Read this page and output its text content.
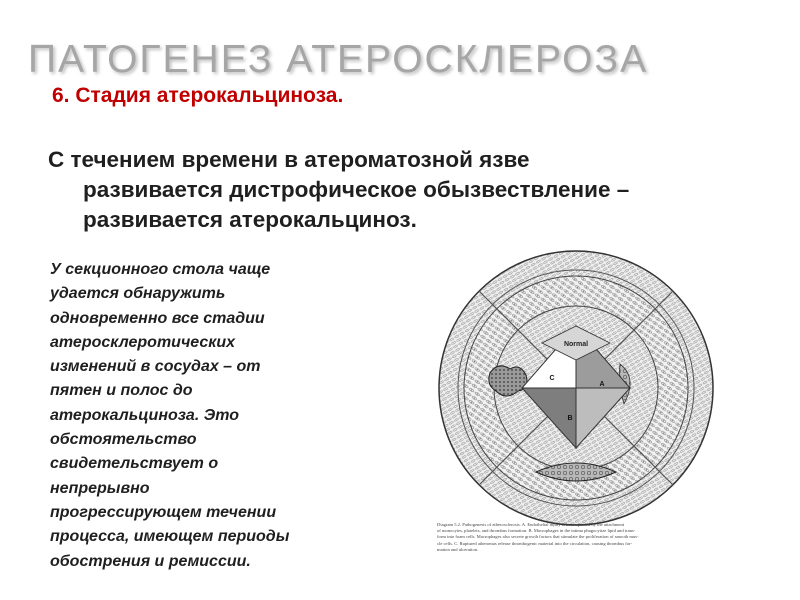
ПАТОГЕНЕЗ АТЕРОСКЛЕРОЗА
6. Стадия атерокальциноза.
С течением времени в атероматозной язве
развивается дистрофическое обызвествление –
развивается атерокальциноз.
У секционного стола чаще
удается обнаружить
одновременно все стадии
атеросклеротических
изменений в сосудах – от
пятен и полос до
атерокальциноза. Это
обстоятельство
свидетельствует о
непрерывно
прогрессирующем течении
процесса, имеющем периоды
обострения и ремиссии.
Normal
A
B
C
Diagram 5.2. Pathogenesis of atherosclerosis. A. Endothelial injury is accompanied by the attachment
of monocytes, platelets, and thrombus formation. B. Macrophages in the intima phagocytize lipid and trans-
form into foam cells. Macrophages also secrete growth factors that stimulate the proliferation of smooth mus-
cle cells. C. Ruptured atheromas release thrombogenic material into the circulation, causing thrombus for-
mation and ulceration.
